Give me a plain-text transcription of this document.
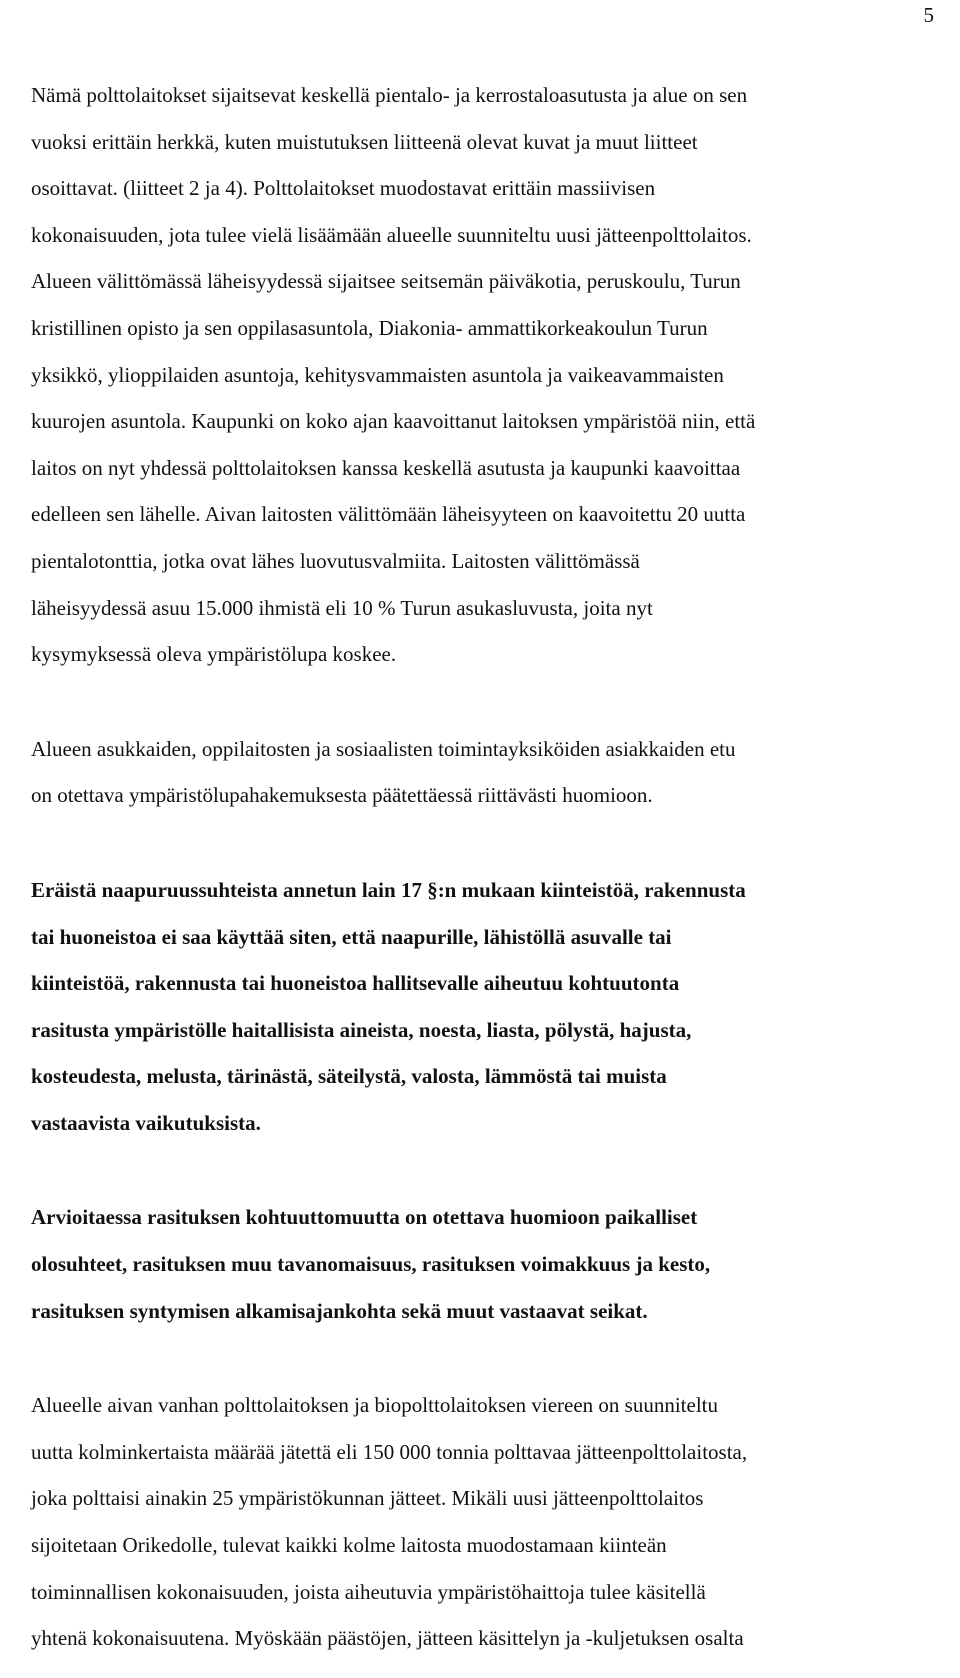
5

Nämä polttolaitokset sijaitsevat keskellä pientalo- ja kerrostaloasutusta ja alue on sen
vuoksi erittäin herkkä, kuten muistutuksen liitteenä olevat kuvat ja muut liitteet
osoittavat. (liitteet 2 ja 4). Polttolaitokset muodostavat erittäin massiivisen
kokonaisuuden, jota tulee vielä lisäämään alueelle suunniteltu uusi jätteenpolttolaitos.
Alueen välittömässä läheisyydessä sijaitsee seitsemän päiväkotia, peruskoulu, Turun
kristillinen opisto ja sen oppilasasuntola, Diakonia- ammattikorkeakoulun Turun
yksikkö, ylioppilaiden asuntoja, kehitysvammaisten asuntola ja vaikeavammaisten
kuurojen asuntola. Kaupunki on koko ajan kaavoittanut laitoksen ympäristöä niin, että
laitos on nyt yhdessä polttolaitoksen kanssa keskellä asutusta ja kaupunki kaavoittaa
edelleen sen lähelle. Aivan laitosten välittömään läheisyyteen on kaavoitettu 20 uutta
pientalotonttia, jotka ovat lähes luovutusvalmiita. Laitosten välittömässä
läheisyydessä asuu 15.000 ihmistä eli 10 % Turun asukasluvusta, joita nyt
kysymyksessä oleva ympäristölupa koskee.

Alueen asukkaiden, oppilaitosten ja sosiaalisten toimintayksiköiden asiakkaiden etu
on otettava ympäristölupahakemuksesta päätettäessä riittävästi huomioon.

Eräistä naapuruussuhteista annetun lain 17 §:n mukaan kiinteistöä, rakennusta
tai huoneistoa ei saa käyttää siten, että naapurille, lähistöllä asuvalle tai
kiinteistöä, rakennusta tai huoneistoa hallitsevalle aiheutuu kohtuutonta
rasitusta ympäristölle haitallisista aineista, noesta, liasta, pölystä, hajusta,
kosteudesta, melusta, tärinästä, säteilystä, valosta, lämmöstä tai muista
vastaavista vaikutuksista.

Arvioitaessa rasituksen kohtuuttomuutta on otettava huomioon paikalliset
olosuhteet, rasituksen muu tavanomaisuus, rasituksen voimakkuus ja kesto,
rasituksen syntymisen alkamisajankohta sekä muut vastaavat seikat.

Alueelle aivan vanhan polttolaitoksen ja biopolttolaitoksen viereen on suunniteltu
uutta kolminkertaista määrää jätettä eli 150 000 tonnia polttavaa jätteenpolttolaitosta,
joka polttaisi ainakin 25 ympäristökunnan jätteet. Mikäli uusi jätteenpolttolaitos
sijoitetaan Orikedolle, tulevat kaikki kolme laitosta muodostamaan kiinteän
toiminnallisen kokonaisuuden, joista aiheutuvia ympäristöhaittoja tulee käsitellä
yhtenä kokonaisuutena. Myöskään päästöjen, jätteen käsittelyn ja -kuljetuksen osalta
